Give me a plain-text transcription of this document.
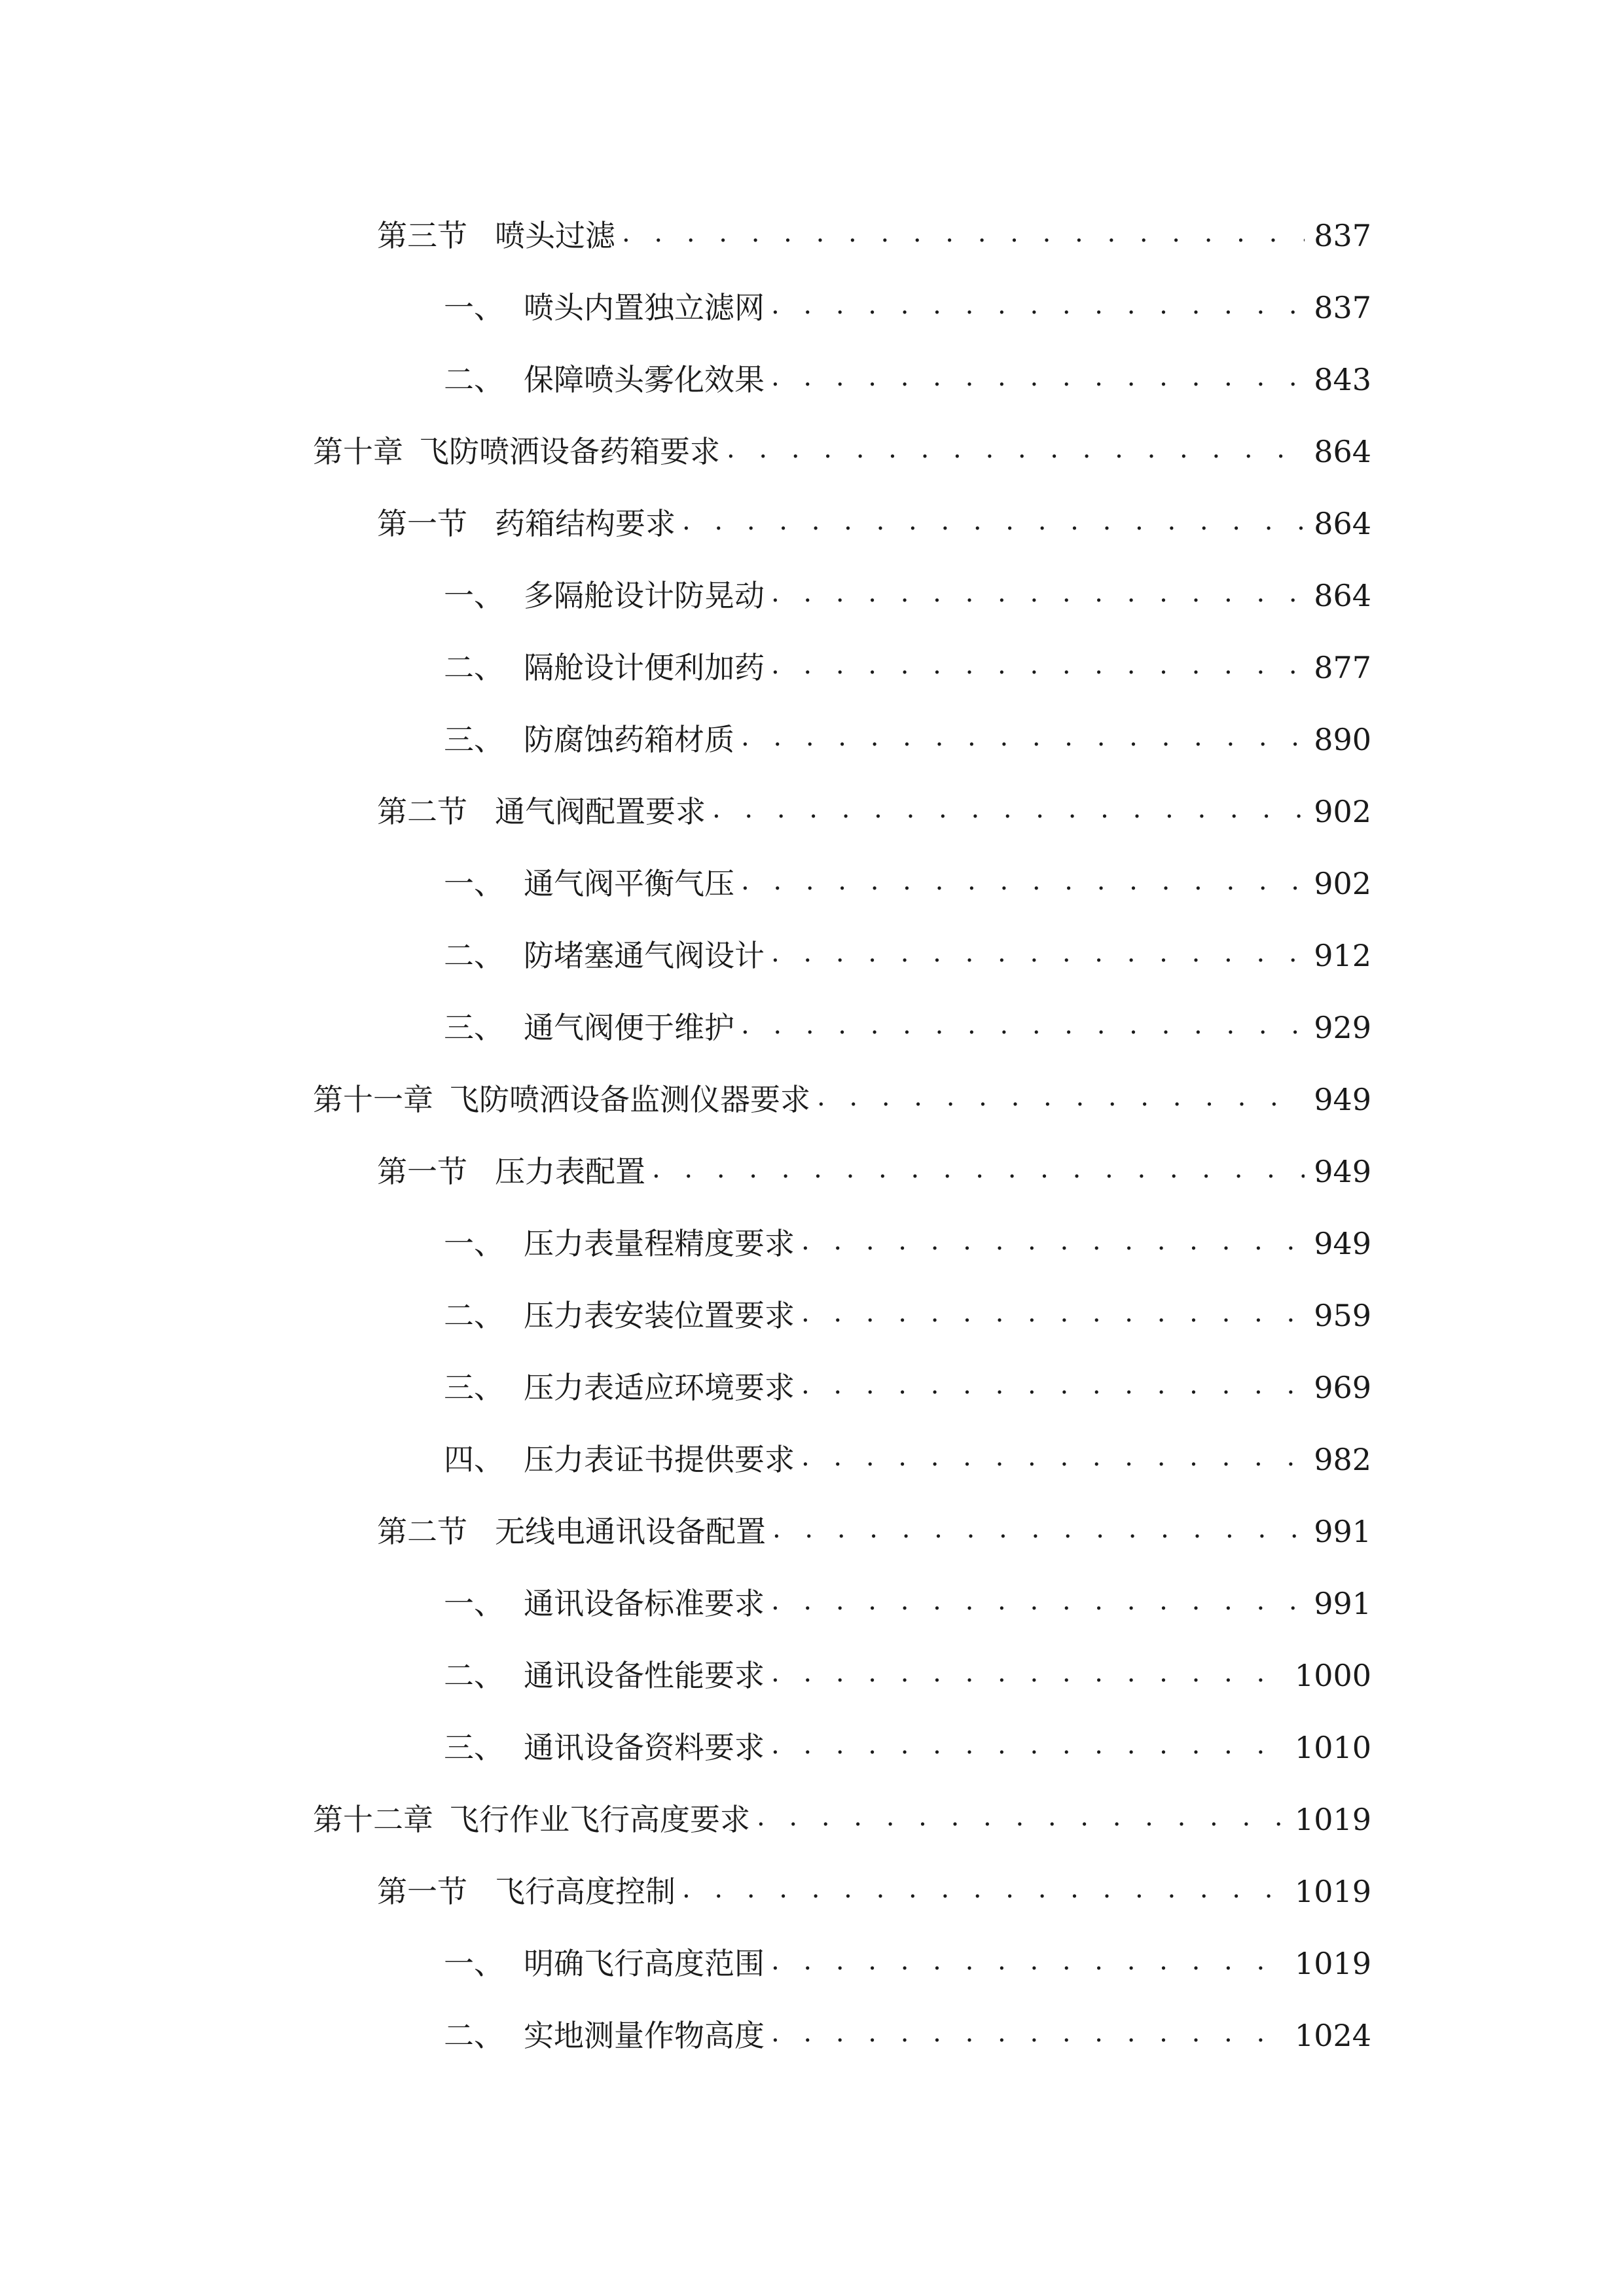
第三节 喷头过滤 . . .	837
一、 喷头内置独立滤网 . . .	837
二、 保障喷头雾化效果 . . .	843
第十章 飞防喷洒设备药箱要求 . . .	864
第一节 药箱结构要求 . . .	864
一、 多隔舱设计防晃动 . . .	864
二、 隔舱设计便利加药 . . .	877
三、 防腐蚀药箱材质 . . .	890
第二节 通气阀配置要求 . . .	902
一、 通气阀平衡气压 . . .	902
二、 防堵塞通气阀设计 . . .	912
三、 通气阀便于维护 . . .	929
第十一章 飞防喷洒设备监测仪器要求 . . .	949
第一节 压力表配置 . . .	949
一、 压力表量程精度要求 . . .	949
二、 压力表安装位置要求 . . .	959
三、 压力表适应环境要求 . . .	969
四、 压力表证书提供要求 . . .	982
第二节 无线电通讯设备配置 . . .	991
一、 通讯设备标准要求 . . .	991
二、 通讯设备性能要求 . . .	1000
三、 通讯设备资料要求 . . .	1010
第十二章 飞行作业飞行高度要求 . . .	1019
第一节 飞行高度控制 . . .	1019
一、 明确飞行高度范围 . . .	1019
二、 实地测量作物高度 . . .	1024
